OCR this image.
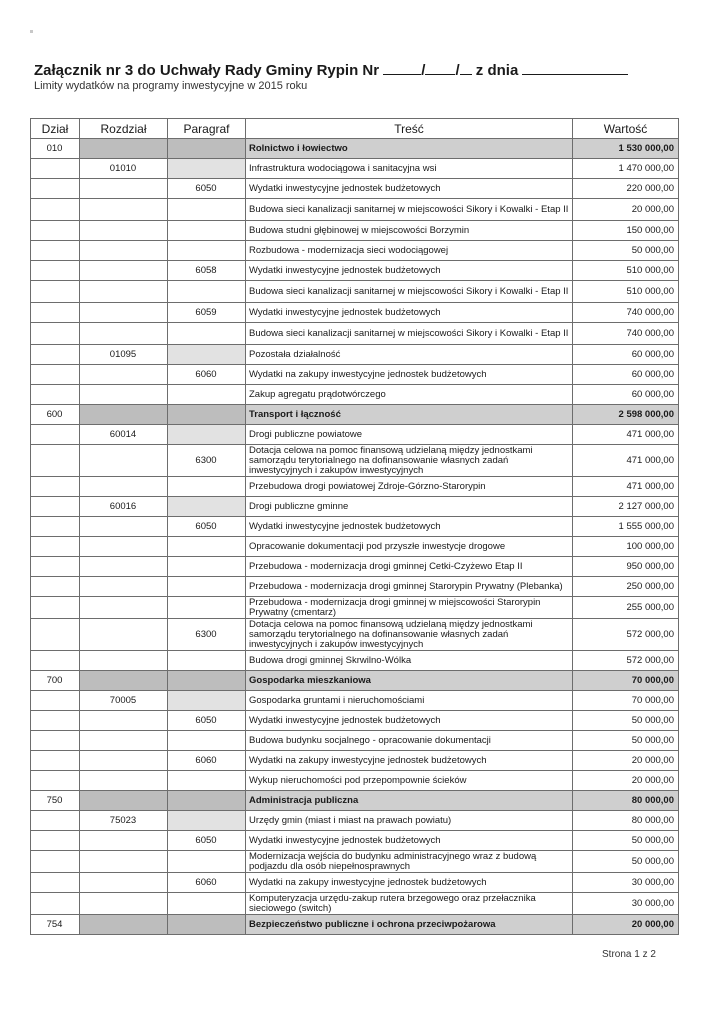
Załącznik nr 3 do Uchwały Rady Gminy Rypin Nr	/ / z dnia
Limity wydatków na programy inwestycyjne w 2015 roku
Dział	Rozdział	Paragraf	Treść	Wartość
010			Rolnictwo i łowiectwo	1 530 000,00
	01010		Infrastruktura wodociągowa i sanitacyjna wsi	1 470 000,00
		6050	Wydatki inwestycyjne jednostek budżetowych	220 000,00
			Budowa sieci kanalizacji sanitarnej w miejscowości Sikory i Kowalki - Etap II	20 000,00
			Budowa studni głębinowej w miejscowości Borzymin	150 000,00
			Rozbudowa - modernizacja sieci wodociągowej	50 000,00
		6058	Wydatki inwestycyjne jednostek budżetowych	510 000,00
			Budowa sieci kanalizacji sanitarnej w miejscowości Sikory i Kowalki - Etap II	510 000,00
		6059	Wydatki inwestycyjne jednostek budżetowych	740 000,00
			Budowa sieci kanalizacji sanitarnej w miejscowości Sikory i Kowalki - Etap II	740 000,00
	01095		Pozostała działalność	60 000,00
		6060	Wydatki na zakupy inwestycyjne jednostek budżetowych	60 000,00
			Zakup agregatu prądotwórczego	60 000,00
600			Transport i łączność	2 598 000,00
	60014		Drogi publiczne powiatowe	471 000,00
		6300	Dotacja celowa na pomoc finansową udzielaną między jednostkami samorządu terytorialnego na dofinansowanie własnych zadań inwestycyjnych i zakupów inwestycyjnych	471 000,00
			Przebudowa drogi powiatowej Zdroje-Górzno-Starorypin	471 000,00
	60016		Drogi publiczne gminne	2 127 000,00
		6050	Wydatki inwestycyjne jednostek budżetowych	1 555 000,00
			Opracowanie dokumentacji pod przyszłe inwestycje drogowe	100 000,00
			Przebudowa - modernizacja drogi gminnej Cetki-Czyżewo Etap II	950 000,00
			Przebudowa - modernizacja drogi gminnej Starorypin Prywatny (Plebanka)	250 000,00
			Przebudowa - modernizacja drogi gminnej w miejscowości Starorypin Prywatny (cmentarz)	255 000,00
		6300	Dotacja celowa na pomoc finansową udzielaną między jednostkami samorządu terytorialnego na dofinansowanie własnych zadań inwestycyjnych i zakupów inwestycyjnych	572 000,00
			Budowa drogi gminnej Skrwilno-Wólka	572 000,00
700			Gospodarka mieszkaniowa	70 000,00
	70005		Gospodarka gruntami i nieruchomościami	70 000,00
		6050	Wydatki inwestycyjne jednostek budżetowych	50 000,00
			Budowa budynku socjalnego - opracowanie dokumentacji	50 000,00
		6060	Wydatki na zakupy inwestycyjne jednostek budżetowych	20 000,00
			Wykup nieruchomości pod przepompownie ścieków	20 000,00
750			Administracja publiczna	80 000,00
	75023		Urzędy gmin (miast i miast na prawach powiatu)	80 000,00
		6050	Wydatki inwestycyjne jednostek budżetowych	50 000,00
			Modernizacja wejścia do budynku administracyjnego wraz z budową podjazdu dla osób niepełnosprawnych	50 000,00
		6060	Wydatki na zakupy inwestycyjne jednostek budżetowych	30 000,00
			Komputeryzacja urzędu-zakup rutera brzegowego oraz przełacznika sieciowego (switch)	30 000,00
754			Bezpieczeństwo publiczne i ochrona przeciwpożarowa	20 000,00
Strona 1 z 2
